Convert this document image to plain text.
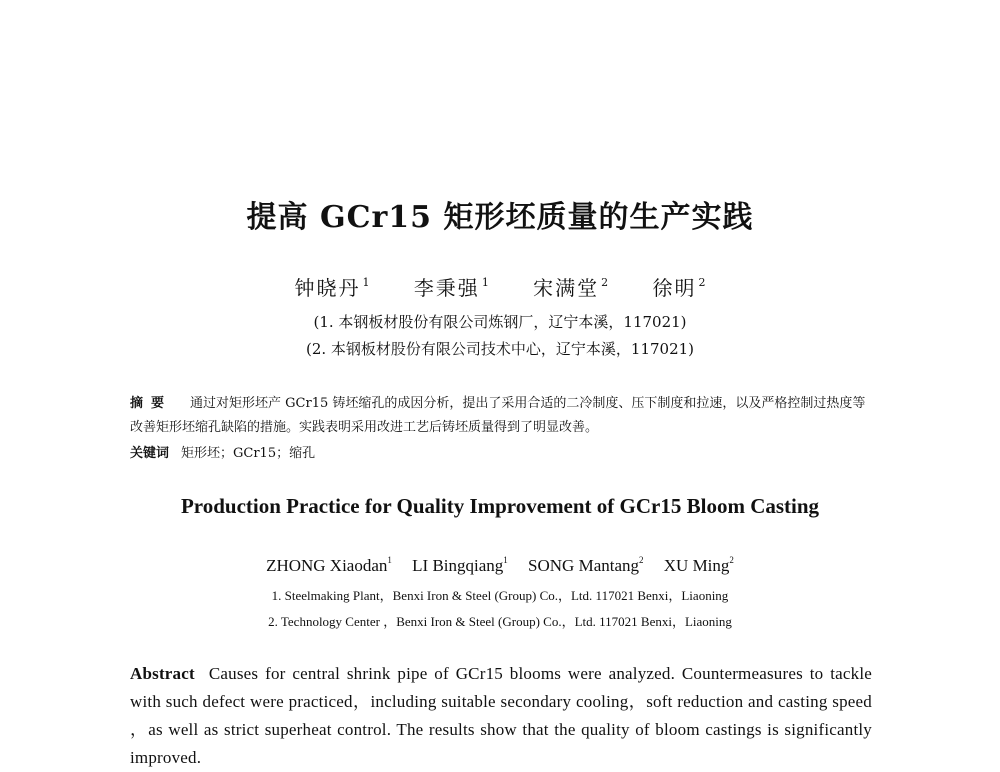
提高 GCr15 矩形坯质量的生产实践
钟晓丹 $^1$ 李秉强 $^1$ 宋满堂 $^2$ 徐明 $^2$
(1. 本钢板材股份有限公司炼钢厂，辽宁本溪，117021)
(2. 本钢板材股份有限公司技术中心，辽宁本溪，117021)
摘要 通过对矩形坯产 GCr15 铸坯缩孔的成因分析，提出了采用合适的二冷制度、压下制度和拉速，以及严格控制过热度等改善矩形坯缩孔缺陷的措施。实践表明采用改进工艺后铸坯质量得到了明显改善。
关键词 矩形坯；GCr15；缩孔
Production Practice for Quality Improvement of GCr15 Bloom Casting
ZHONG Xiaodan$^1$ LI Bingqiang$^1$ SONG Mantang$^2$ XU Ming$^2$
1. Steelmaking Plant，Benxi Iron & Steel (Group) Co.，Ltd. 117021 Benxi，Liaoning
2. Technology Center ，Benxi Iron & Steel (Group) Co.，Ltd. 117021 Benxi，Liaoning
Abstract Causes for central shrink pipe of GCr15 blooms were analyzed. Countermeasures to tackle with such defect were practiced，including suitable secondary cooling，soft reduction and casting speed ，as well as strict superheat control. The results show that the quality of bloom castings is significantly improved.
